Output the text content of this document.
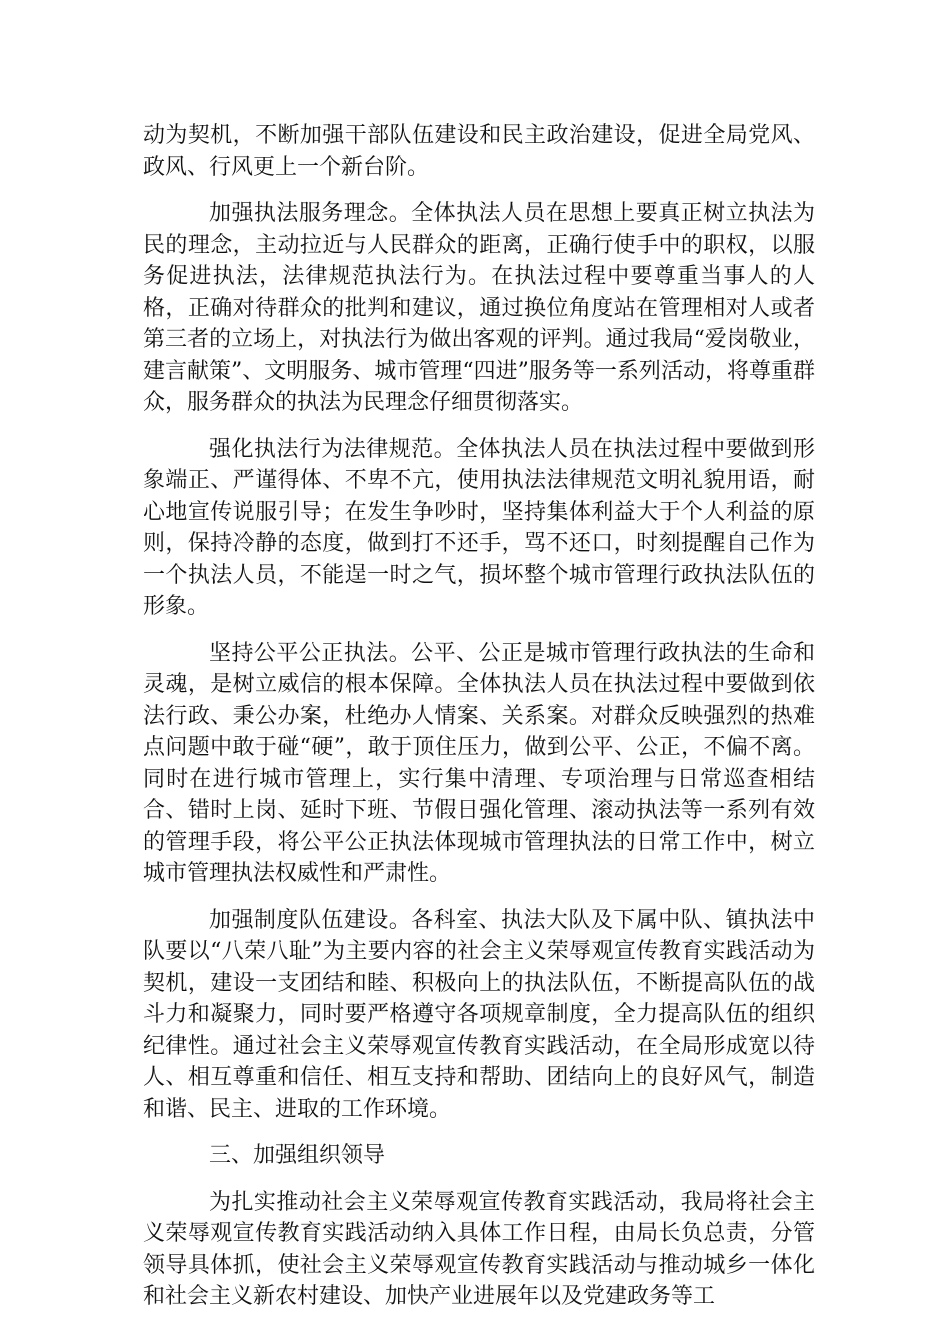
动为契机，不断加强干部队伍建设和民主政治建设，促进全局党风、政风、行风更上一个新台阶。

加强执法服务理念。全体执法人员在思想上要真正树立执法为民的理念，主动拉近与人民群众的距离，正确行使手中的职权，以服务促进执法，法律规范执法行为。在执法过程中要尊重当事人的人格，正确对待群众的批判和建议，通过换位角度站在管理相对人或者第三者的立场上，对执法行为做出客观的评判。通过我局“爱岗敬业，建言献策”、文明服务、城市管理“四进”服务等一系列活动，将尊重群众，服务群众的执法为民理念仔细贯彻落实。

强化执法行为法律规范。全体执法人员在执法过程中要做到形象端正、严谨得体、不卑不亢，使用执法法律规范文明礼貌用语，耐心地宣传说服引导；在发生争吵时，坚持集体利益大于个人利益的原则，保持冷静的态度，做到打不还手，骂不还口，时刻提醒自己作为一个执法人员，不能逞一时之气，损坏整个城市管理行政执法队伍的形象。

坚持公平公正执法。公平、公正是城市管理行政执法的生命和灵魂，是树立威信的根本保障。全体执法人员在执法过程中要做到依法行政、秉公办案，杜绝办人情案、关系案。对群众反映强烈的热难点问题中敢于碰“硬”，敢于顶住压力，做到公平、公正，不偏不离。同时在进行城市管理上，实行集中清理、专项治理与日常巡查相结合、错时上岗、延时下班、节假日强化管理、滚动执法等一系列有效的管理手段，将公平公正执法体现城市管理执法的日常工作中，树立城市管理执法权威性和严肃性。

加强制度队伍建设。各科室、执法大队及下属中队、镇执法中队要以“八荣八耻”为主要内容的社会主义荣辱观宣传教育实践活动为契机，建设一支团结和睦、积极向上的执法队伍，不断提高队伍的战斗力和凝聚力，同时要严格遵守各项规章制度，全力提高队伍的组织纪律性。通过社会主义荣辱观宣传教育实践活动，在全局形成宽以待人、相互尊重和信任、相互支持和帮助、团结向上的良好风气，制造和谐、民主、进取的工作环境。

三、加强组织领导

为扎实推动社会主义荣辱观宣传教育实践活动，我局将社会主义荣辱观宣传教育实践活动纳入具体工作日程，由局长负总责，分管领导具体抓，使社会主义荣辱观宣传教育实践活动与推动城乡一体化和社会主义新农村建设、加快产业进展年以及党建政务等工
